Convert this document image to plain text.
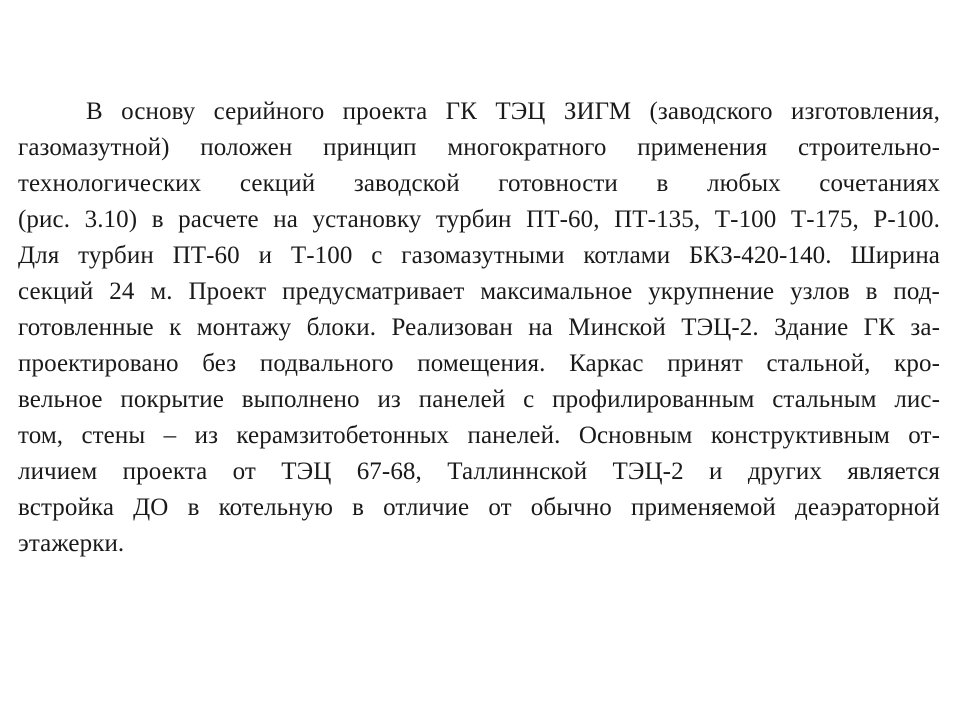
В основу серийного проекта ГК ТЭЦ ЗИГМ (заводского изготовления,
газомазутной) положен принцип многократного применения строительно-
технологических секций заводской готовности в любых сочетаниях
(рис. 3.10) в расчете на установку турбин ПТ-60, ПТ-135, Т-100 Т-175, Р-100.
Для турбин ПТ-60 и Т-100 с газомазутными котлами БКЗ-420-140. Ширина
секций 24 м. Проект предусматривает максимальное укрупнение узлов в под-
готовленные к монтажу блоки. Реализован на Минской ТЭЦ-2. Здание ГК за-
проектировано без подвального помещения. Каркас принят стальной, кро-
вельное покрытие выполнено из панелей с профилированным стальным лис-
том, стены – из керамзитобетонных панелей. Основным конструктивным от-
личием проекта от ТЭЦ 67-68, Таллиннской ТЭЦ-2 и других является
встройка ДО в котельную в отличие от обычно применяемой деаэраторной
этажерки.
